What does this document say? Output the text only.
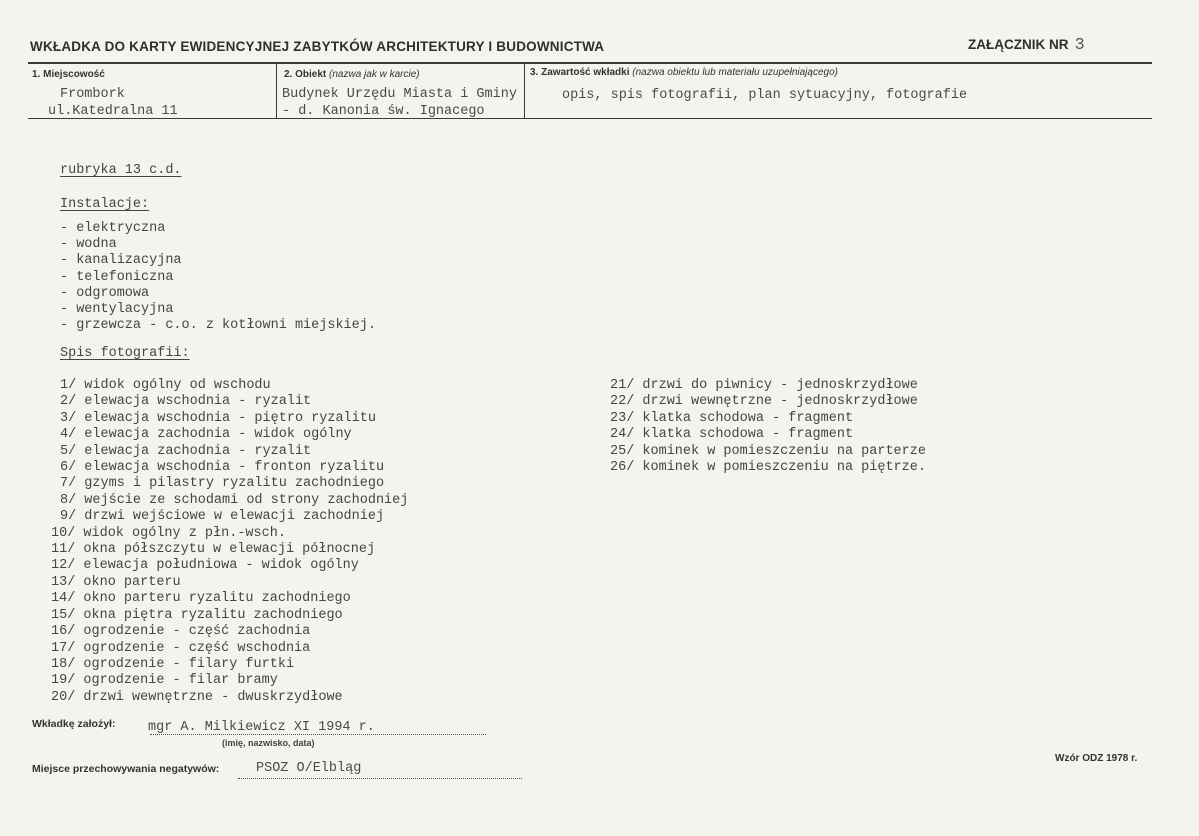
WKŁADKA DO KARTY EWIDENCYJNEJ ZABYTKÓW ARCHITEKTURY I BUDOWNICTWA	ZAŁĄCZNIK NR 3
1. Miejscowość
Frombork
ul.Katedralna 11
2. Obiekt (nazwa jak w karcie)
Budynek Urzędu Miasta i Gminy
- d. Kanonia św. Ignacego
3. Zawartość wkładki (nazwa obiektu lub materiału uzupełniającego)
opis, spis fotografii, plan sytuacyjny, fotografie
rubryka 13 c.d.
Instalacje:
- elektryczna
- wodna
- kanalizacyjna
- telefoniczna
- odgromowa
- wentylacyjna
- grzewcza - c.o. z kotłowni miejskiej.
Spis fotografii:
1/ widok ogólny od wschodu
2/ elewacja wschodnia - ryzalit
3/ elewacja wschodnia - piętro ryzalitu
4/ elewacja zachodnia - widok ogólny
5/ elewacja zachodnia - ryzalit
6/ elewacja wschodnia - fronton ryzalitu
7/ gzyms i pilastry ryzalitu zachodniego
8/ wejście ze schodami od strony zachodniej
9/ drzwi wejściowe w elewacji zachodniej
10/ widok ogólny z płn.-wsch.
11/ okna półszczytu w elewacji północnej
12/ elewacja południowa - widok ogólny
13/ okno parteru
14/ okno parteru ryzalitu zachodniego
15/ okna piętra ryzalitu zachodniego
16/ ogrodzenie - część zachodnia
17/ ogrodzenie - część wschodnia
18/ ogrodzenie - filary furtki
19/ ogrodzenie - filar bramy
20/ drzwi wewnętrzne - dwuskrzydłowe
21/ drzwi do piwnicy - jednoskrzydłowe
22/ drzwi wewnętrzne - jednoskrzydłowe
23/ klatka schodowa - fragment
24/ klatka schodowa - fragment
25/ kominek w pomieszczeniu na parterze
26/ kominek w pomieszczeniu na piętrze.
Wkładkę założył: mgr A. Milkiewicz XI 1994 r.
(imię, nazwisko, data)
Miejsce przechowywania negatywów:	PSOZ O/Elbląg
Wzór ODZ 1978 r.
